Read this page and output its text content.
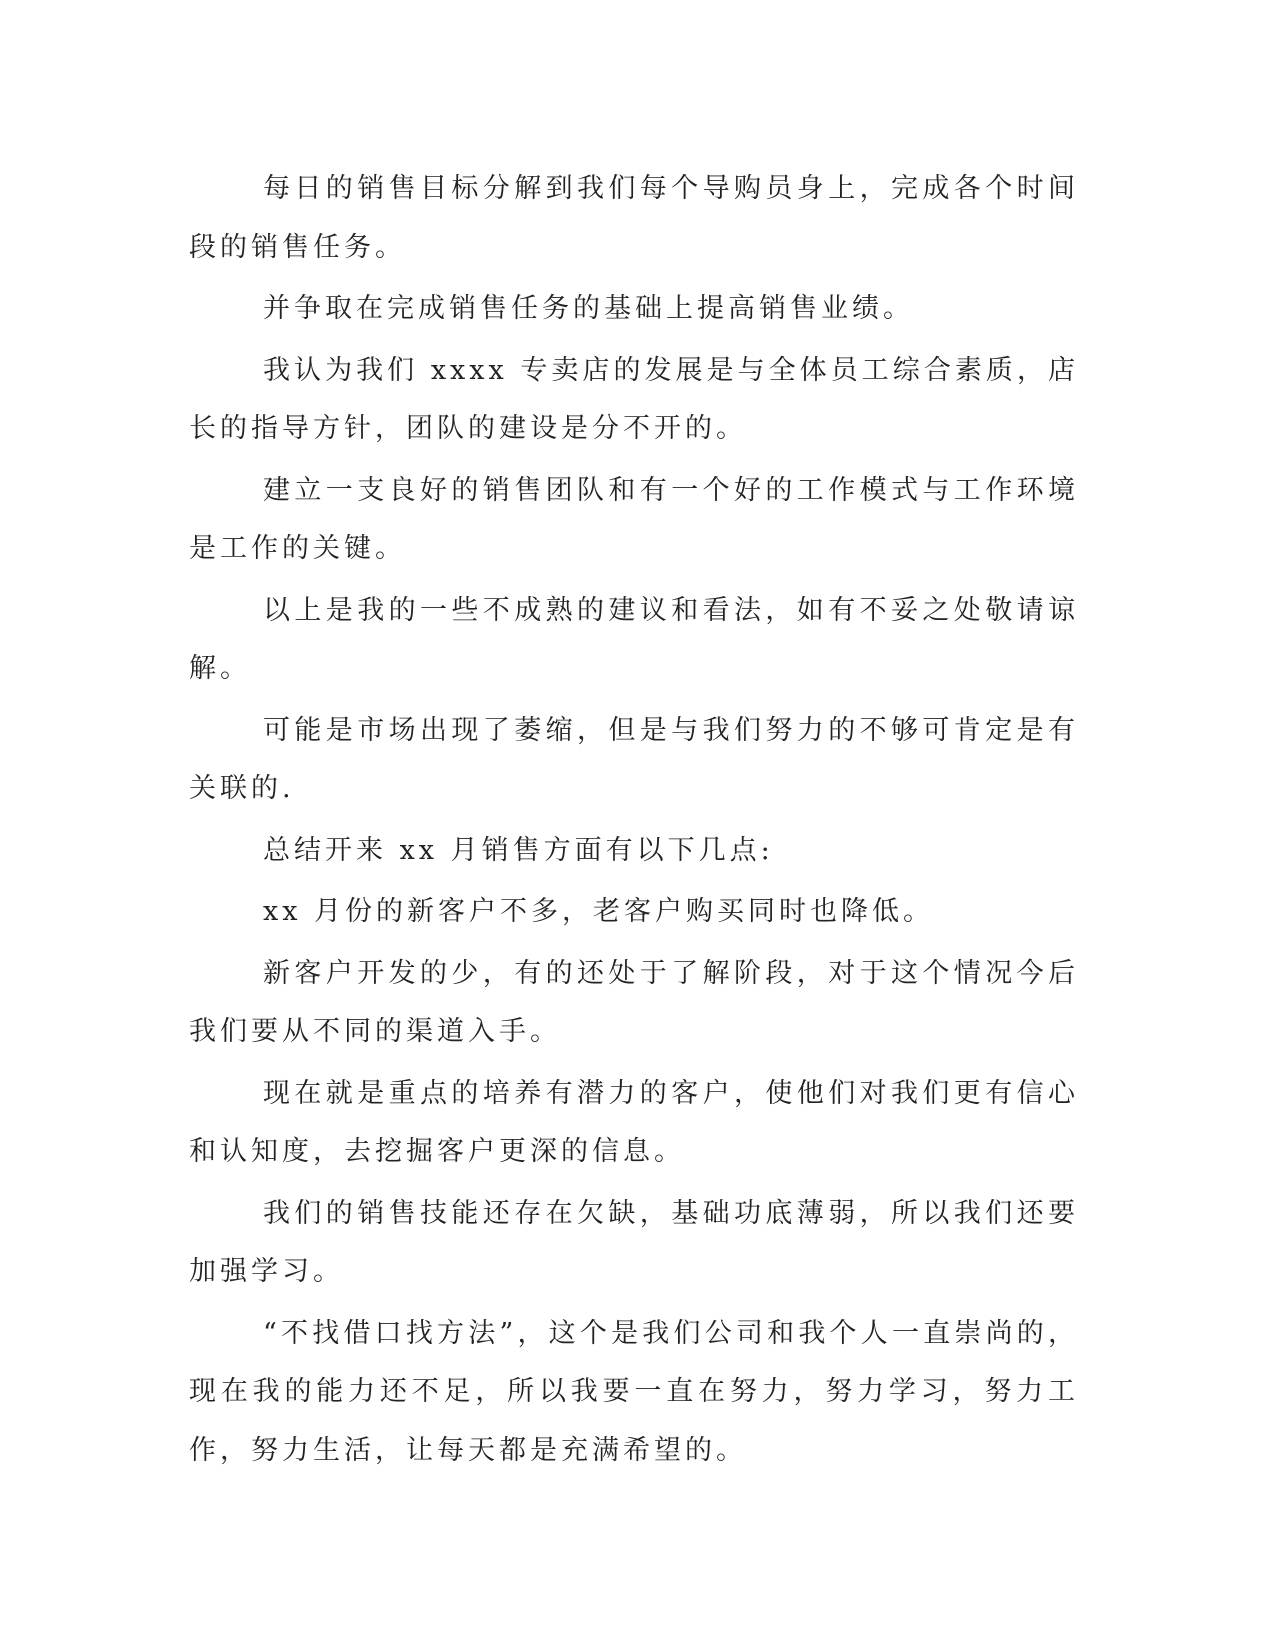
每日的销售目标分解到我们每个导购员身上，完成各个时间段的销售任务。

并争取在完成销售任务的基础上提高销售业绩。

我认为我们 xxxx 专卖店的发展是与全体员工综合素质，店长的指导方针，团队的建设是分不开的。

建立一支良好的销售团队和有一个好的工作模式与工作环境是工作的关键。

以上是我的一些不成熟的建议和看法，如有不妥之处敬请谅解。

可能是市场出现了萎缩，但是与我们努力的不够可肯定是有关联的.

总结开来 xx 月销售方面有以下几点:

xx 月份的新客户不多，老客户购买同时也降低。

新客户开发的少，有的还处于了解阶段，对于这个情况今后我们要从不同的渠道入手。

现在就是重点的培养有潜力的客户，使他们对我们更有信心和认知度，去挖掘客户更深的信息。

我们的销售技能还存在欠缺，基础功底薄弱，所以我们还要加强学习。

“不找借口找方法”，这个是我们公司和我个人一直崇尚的，现在我的能力还不足，所以我要一直在努力，努力学习，努力工作，努力生活，让每天都是充满希望的。
